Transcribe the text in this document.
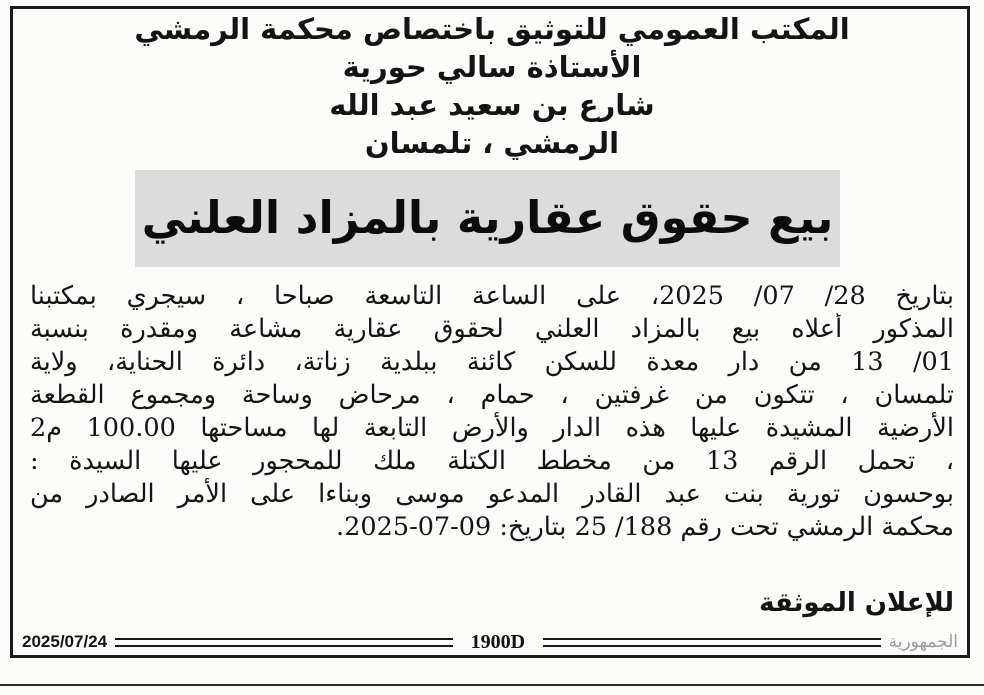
المكتب العمومي للتوثيق باختصاص محكمة الرمشي
الأستاذة سالي حورية
شارع بن سعيد عبد الله
الرمشي ، تلمسان
بيع حقوق عقارية بالمزاد العلني
بتاريخ 28/ 07/ 2025، على الساعة التاسعة صباحا ، سيجري بمكتبنا
المذكور أعلاه بيع بالمزاد العلني لحقوق عقارية مشاعة ومقدرة بنسبة
01/ 13 من دار معدة للسكن كائنة ببلدية زناتة، دائرة الحناية، ولاية
تلمسان ، تتكون من غرفتين ، حمام ، مرحاض وساحة ومجموع القطعة
الأرضية المشيدة عليها هذه الدار والأرض التابعة لها مساحتها 100.00 م2
، تحمل الرقم 13 من مخطط الكتلة ملك للمحجور عليها السيدة :
بوحسون تورية بنت عبد القادر المدعو موسى وبناءا على الأمر الصادر من
محكمة الرمشي تحت رقم 188/ 25 بتاريخ: 09-07-2025.
للإعلان الموثقة
2025/07/24	1900D	الجمهورية
